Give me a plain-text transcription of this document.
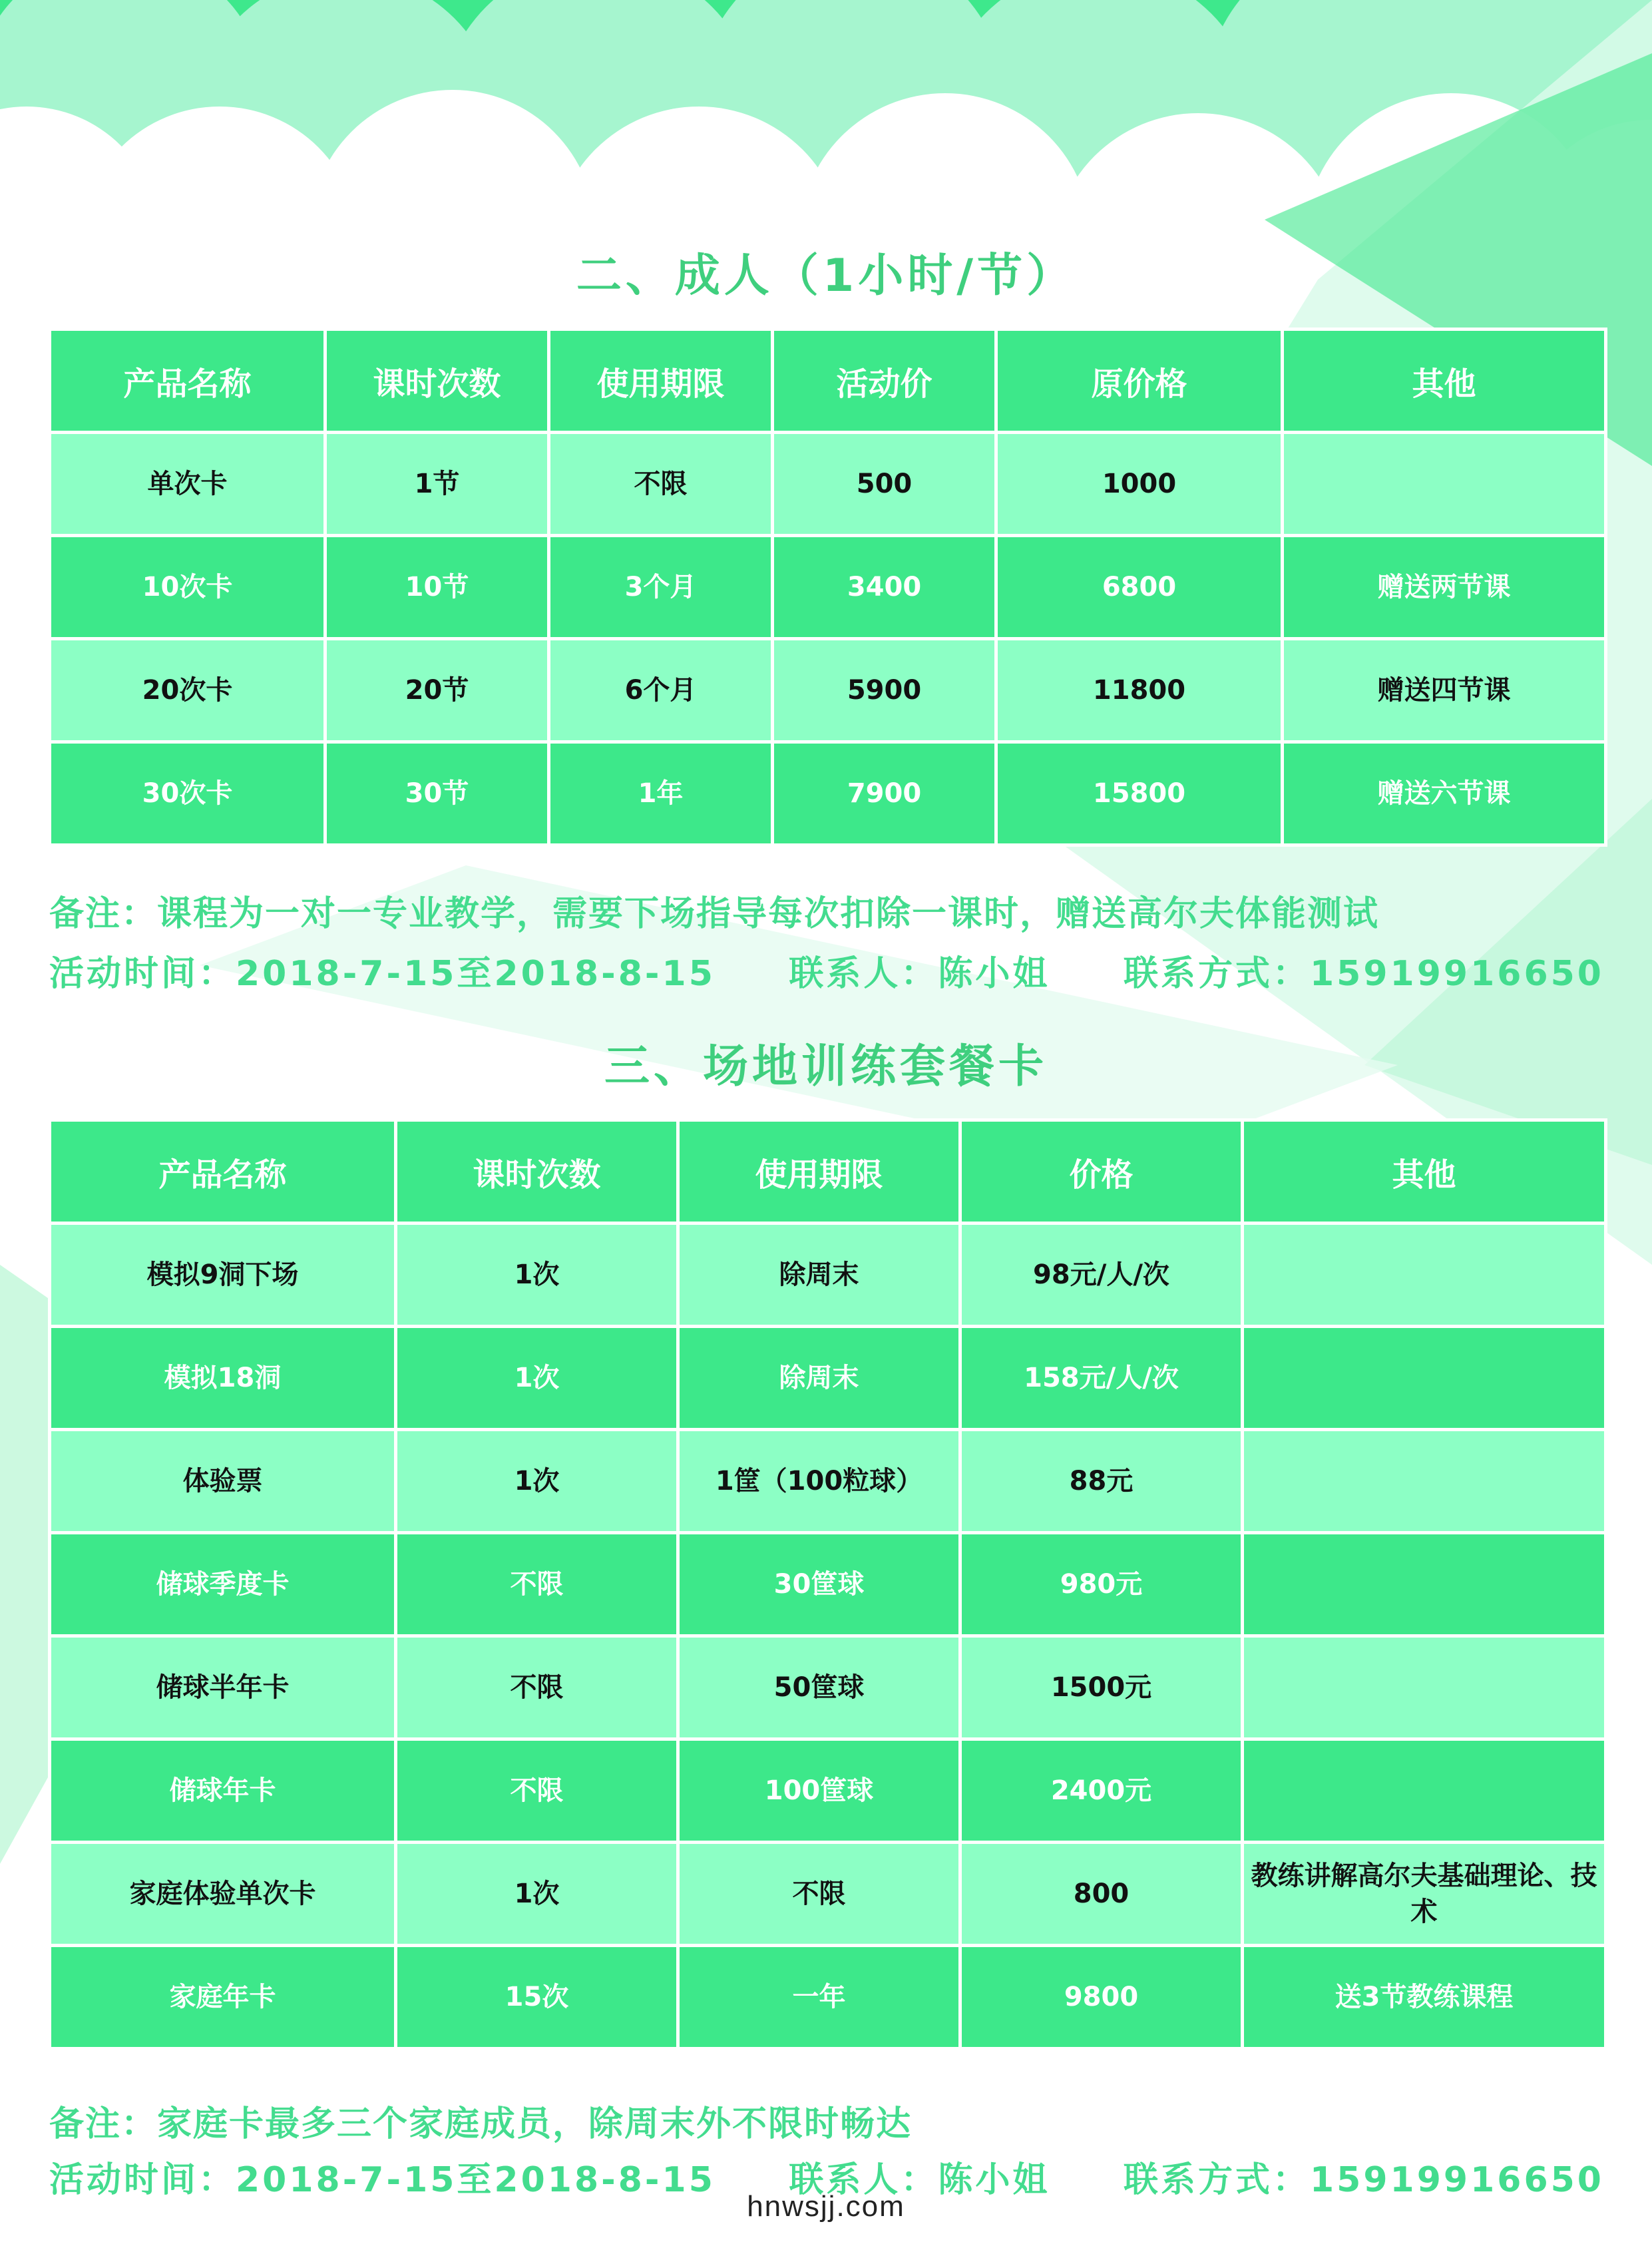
二、成人（1小时/节）
产品名称	课时次数	使用期限	活动价	原价格	其他
单次卡	1节	不限	500	1000	
10次卡	10节	3个月	3400	6800	赠送两节课
20次卡	20节	6个月	5900	11800	赠送四节课
30次卡	30节	1年	7900	15800	赠送六节课

备注：课程为一对一专业教学，需要下场指导每次扣除一课时，赠送高尔夫体能测试

活动时间：2018-7-15至2018-8-15 联系人：陈小姐 联系方式：15919916650
三、场地训练套餐卡
产品名称	课时次数	使用期限	价格	其他
模拟9洞下场	1次	除周末	98元/人/次	
模拟18洞	1次	除周末	158元/人/次	
体验票	1次	1筐（100粒球）	88元	
储球季度卡	不限	30筐球	980元	
储球半年卡	不限	50筐球	1500元	
储球年卡	不限	100筐球	2400元	
家庭体验单次卡	1次	不限	800	教练讲解高尔夫基础理论、技术
家庭年卡	15次	一年	9800	送3节教练课程

备注：家庭卡最多三个家庭成员，除周末外不限时畅达

活动时间：2018-7-15至2018-8-15 联系人：陈小姐 联系方式：15919916650
hnwsjj.com
